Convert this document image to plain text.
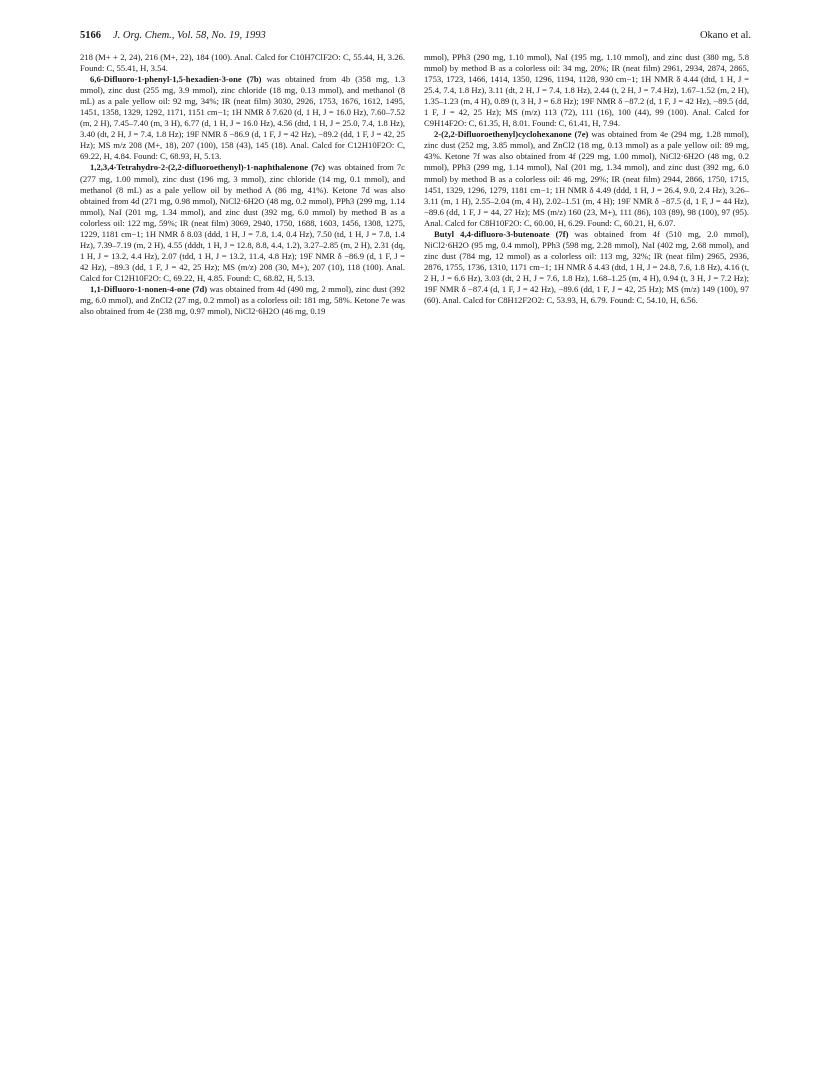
5166 J. Org. Chem., Vol. 58, No. 19, 1993	Okano et al.

218 (M+ + 2, 24), 216 (M+, 22), 184 (100). Anal. Calcd for C10H7ClF2O: C, 55.44, H, 3.26. Found: C, 55.41, H, 3.54.

6,6-Difluoro-1-phenyl-1,5-hexadien-3-one (7b) was obtained from 4b (358 mg, 1.3 mmol), zinc dust (255 mg, 3.9 mmol), zinc chloride (18 mg, 0.13 mmol), and methanol (8 mL) as a pale yellow oil: 92 mg, 34%; IR (neat film) 3030, 2926, 1753, 1676, 1612, 1495, 1451, 1358, 1329, 1292, 1171, 1151 cm−1; 1H NMR δ 7.620 (d, 1 H, J = 16.0 Hz), 7.60–7.52 (m, 2 H), 7.45–7.40 (m, 3 H), 6.77 (d, 1 H, J = 16.0 Hz), 4.56 (dtd, 1 H, J = 25.0, 7.4, 1.8 Hz), 3.40 (dt, 2 H, J = 7.4, 1.8 Hz); 19F NMR δ −86.9 (d, 1 F, J = 42 Hz), −89.2 (dd, 1 F, J = 42, 25 Hz); MS m/z 208 (M+, 18), 207 (100), 158 (43), 145 (18). Anal. Calcd for C12H10F2O: C, 69.22, H, 4.84. Found: C, 68.93, H, 5.13.

1,2,3,4-Tetrahydro-2-(2,2-difluoroethenyl)-1-naphthalenone (7c) was obtained from 7c (277 mg, 1.00 mmol), zinc dust (196 mg, 3 mmol), zinc chloride (14 mg, 0.1 mmol), and methanol (8 mL) as a pale yellow oil by method A (86 mg, 41%). Ketone 7d was also obtained from 4d (271 mg, 0.98 mmol), NiCl2·6H2O (48 mg, 0.2 mmol), PPh3 (299 mg, 1.14 mmol), NaI (201 mg, 1.34 mmol), and zinc dust (392 mg, 6.0 mmol) by method B as a colorless oil: 122 mg, 59%; IR (neat film) 3069, 2940, 1750, 1688, 1603, 1456, 1308, 1275, 1229, 1181 cm−1; 1H NMR δ 8.03 (ddd, 1 H, J = 7.8, 1.4, 0.4 Hz), 7.50 (td, 1 H, J = 7.8, 1.4 Hz), 7.39–7.19 (m, 2 H), 4.55 (dddt, 1 H, J = 12.8, 8.8, 4.4, 1.2), 3.27–2.85 (m, 2 H), 2.31 (dq, 1 H, J = 13.2, 4.4 Hz), 2.07 (tdd, 1 H, J = 13.2, 11.4, 4.8 Hz); 19F NMR δ −86.9 (d, 1 F, J = 42 Hz), −89.3 (dd, 1 F, J = 42, 25 Hz); MS (m/z) 208 (30, M+), 207 (10), 118 (100). Anal. Calcd for C12H10F2O: C, 69.22, H, 4.85. Found: C, 68.82, H, 5.13.

1,1-Difluoro-1-nonen-4-one (7d) was obtained from 4d (490 mg, 2 mmol), zinc dust (392 mg, 6.0 mmol), and ZnCl2 (27 mg, 0.2 mmol) as a colorless oil: 181 mg, 58%. Ketone 7e was also obtained from 4e (238 mg, 0.97 mmol), NiCl2·6H2O (46 mg, 0.19

mmol), PPh3 (290 mg, 1.10 mmol), NaI (195 mg, 1.10 mmol), and zinc dust (380 mg, 5.8 mmol) by method B as a colorless oil: 34 mg, 20%; IR (neat film) 2961, 2934, 2874, 2865, 1753, 1723, 1466, 1414, 1350, 1296, 1194, 1128, 930 cm−1; 1H NMR δ 4.44 (dtd, 1 H, J = 25.4, 7.4, 1.8 Hz), 3.11 (dt, 2 H, J = 7.4, 1.8 Hz), 2.44 (t, 2 H, J = 7.4 Hz), 1.67–1.52 (m, 2 H), 1.35–1.23 (m, 4 H), 0.89 (t, 3 H, J = 6.8 Hz); 19F NMR δ −87.2 (d, 1 F, J = 42 Hz), −89.5 (dd, 1 F, J = 42, 25 Hz); MS (m/z) 113 (72), 111 (16), 100 (44), 99 (100). Anal. Calcd for C9H14F2O: C, 61.35, H, 8.01. Found: C, 61.41, H, 7.94.

2-(2,2-Difluoroethenyl)cyclohexanone (7e) was obtained from 4e (294 mg, 1.28 mmol), zinc dust (252 mg, 3.85 mmol), and ZnCl2 (18 mg, 0.13 mmol) as a pale yellow oil: 89 mg, 43%. Ketone 7f was also obtained from 4f (229 mg, 1.00 mmol), NiCl2·6H2O (48 mg, 0.2 mmol), PPh3 (299 mg, 1.14 mmol), NaI (201 mg, 1.34 mmol), and zinc dust (392 mg, 6.0 mmol) by method B as a colorless oil: 46 mg, 29%; IR (neat film) 2944, 2866, 1750, 1715, 1451, 1329, 1296, 1279, 1181 cm−1; 1H NMR δ 4.49 (ddd, 1 H, J = 26.4, 9.0, 2.4 Hz), 3.26–3.11 (m, 1 H), 2.55–2.04 (m, 4 H), 2.02–1.51 (m, 4 H); 19F NMR δ −87.5 (d, 1 F, J = 44 Hz), −89.6 (dd, 1 F, J = 44, 27 Hz); MS (m/z) 160 (23, M+), 111 (86), 103 (89), 98 (100), 97 (95). Anal. Calcd for C8H10F2O: C, 60.00, H, 6.29. Found: C, 60.21, H, 6.07.

Butyl 4,4-difluoro-3-butenoate (7f) was obtained from 4f (510 mg, 2.0 mmol), NiCl2·6H2O (95 mg, 0.4 mmol), PPh3 (598 mg, 2.28 mmol), NaI (402 mg, 2.68 mmol), and zinc dust (784 mg, 12 mmol) as a colorless oil: 113 mg, 32%; IR (neat film) 2965, 2936, 2876, 1755, 1736, 1310, 1171 cm−1; 1H NMR δ 4.43 (dtd, 1 H, J = 24.8, 7.6, 1.8 Hz), 4.16 (t, 2 H, J = 6.6 Hz), 3.03 (dt, 2 H, J = 7.6, 1.8 Hz), 1.68–1.25 (m, 4 H), 0.94 (t, 3 H, J = 7.2 Hz); 19F NMR δ −87.4 (d, 1 F, J = 42 Hz), −89.6 (dd, 1 F, J = 42, 25 Hz); MS (m/z) 149 (100), 97 (60). Anal. Calcd for C8H12F2O2: C, 53.93, H, 6.79. Found: C, 54.10, H, 6.56.
